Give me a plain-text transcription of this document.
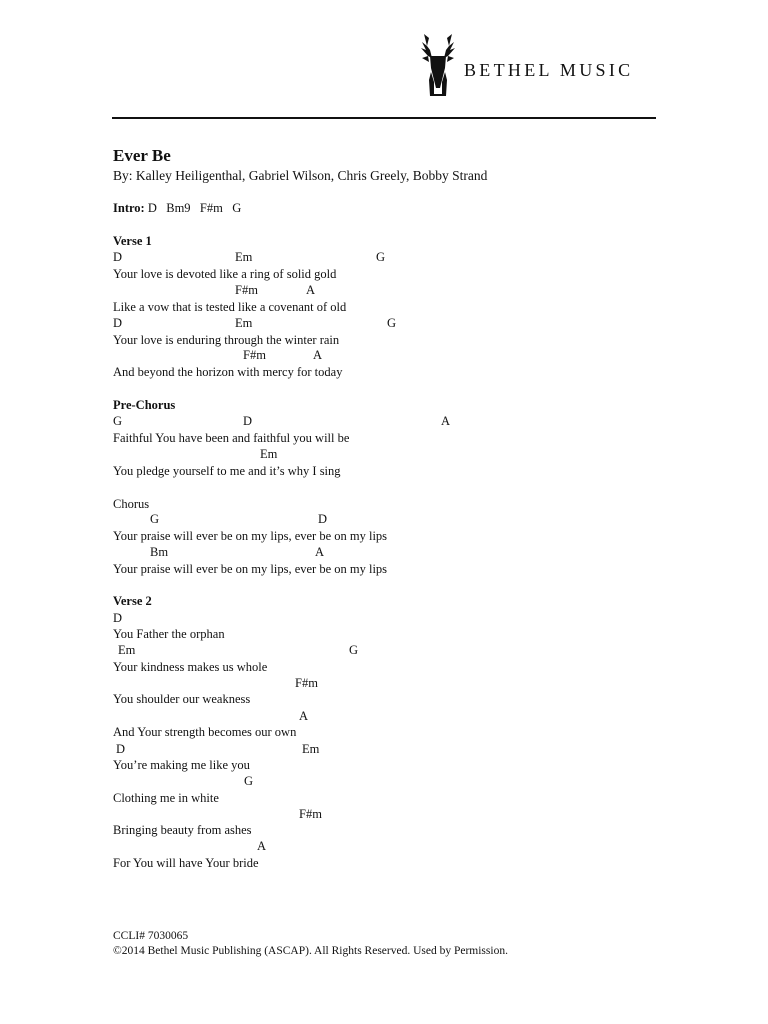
BETHEL MUSIC
Ever Be
By: Kalley Heiligenthal, Gabriel Wilson, Chris Greely, Bobby Strand
Intro: D   Bm9   F#m   G
Verse 1
D	Em	G
Your love is devoted like a ring of solid gold
F#m	A
Like a vow that is tested like a covenant of old
D	Em	G
Your love is enduring through the winter rain
F#m	A
And beyond the horizon with mercy for today
Pre-Chorus
G	D	A
Faithful You have been and faithful you will be
Em
You pledge yourself to me and it’s why I sing
Chorus
G	D
Your praise will ever be on my lips, ever be on my lips
Bm	A
Your praise will ever be on my lips, ever be on my lips
Verse 2
D
You Father the orphan
Em	G
Your kindness makes us whole
F#m
You shoulder our weakness
A
And Your strength becomes our own
D	Em
You’re making me like you
G
Clothing me in white
F#m
Bringing beauty from ashes
A
For You will have Your bride
CCLI# 7030065
©2014 Bethel Music Publishing (ASCAP). All Rights Reserved. Used by Permission.
